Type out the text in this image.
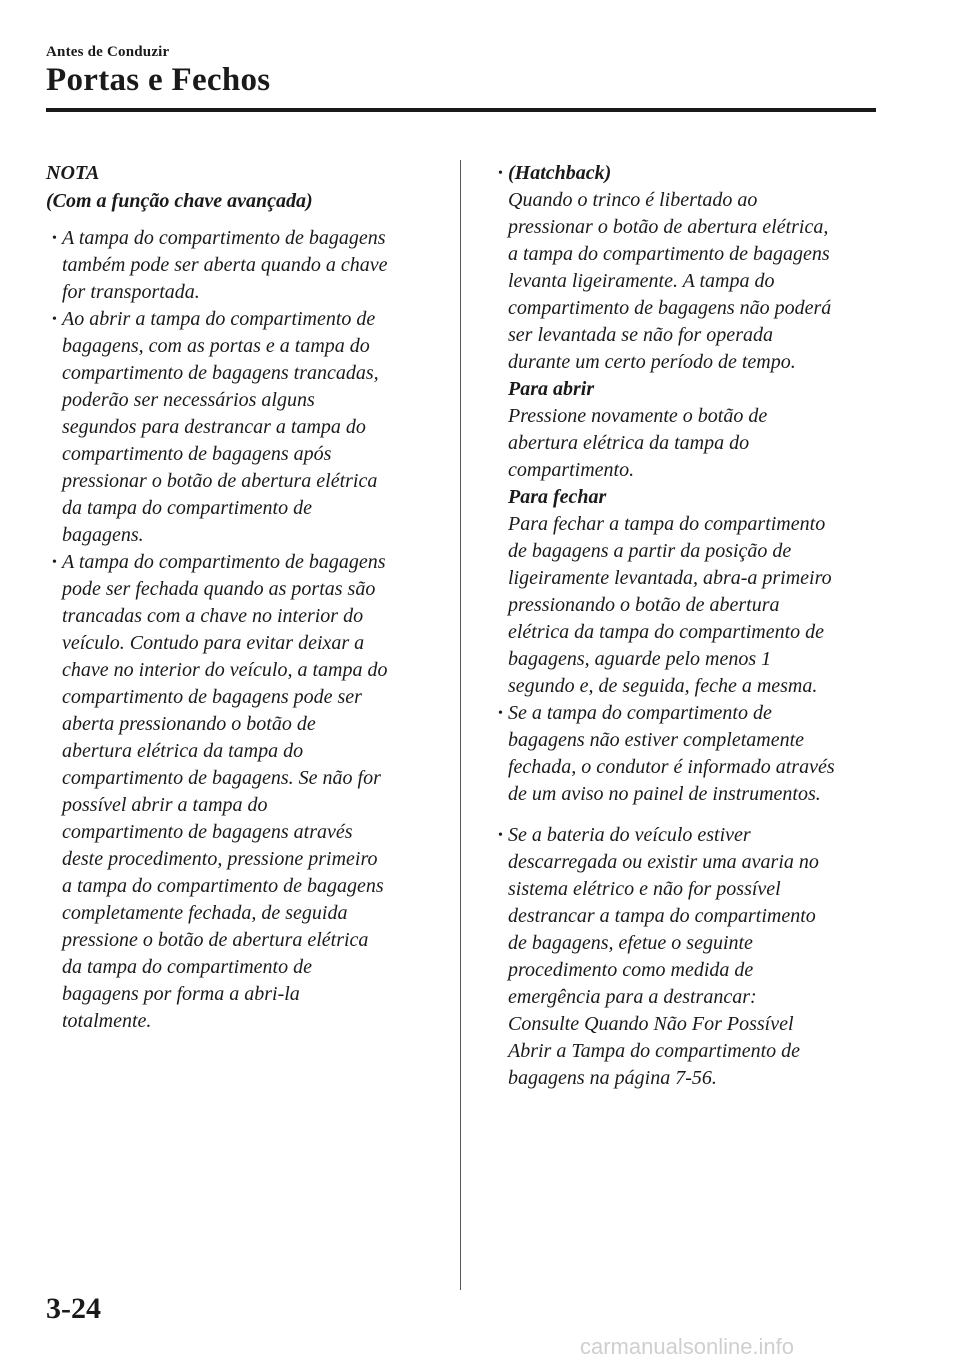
Antes de Conduzir
Portas e Fechos
NOTA
(Com a função chave avançada)
• A tampa do compartimento de bagagens

também pode ser aberta quando a chave

for transportada.

• Ao abrir a tampa do compartimento de

bagagens, com as portas e a tampa do

compartimento de bagagens trancadas,

poderão ser necessários alguns

segundos para destrancar a tampa do

compartimento de bagagens após

pressionar o botão de abertura elétrica

da tampa do compartimento de

bagagens.

• A tampa do compartimento de bagagens

pode ser fechada quando as portas são

trancadas com a chave no interior do

veículo. Contudo para evitar deixar a

chave no interior do veículo, a tampa do

compartimento de bagagens pode ser

aberta pressionando o botão de

abertura elétrica da tampa do

compartimento de bagagens. Se não for

possível abrir a tampa do

compartimento de bagagens através

deste procedimento, pressione primeiro

a tampa do compartimento de bagagens

completamente fechada, de seguida

pressione o botão de abertura elétrica

da tampa do compartimento de

bagagens por forma a abri-la

totalmente.

• (Hatchback)

Quando o trinco é libertado ao

pressionar o botão de abertura elétrica,

a tampa do compartimento de bagagens

levanta ligeiramente. A tampa do

compartimento de bagagens não poderá

ser levantada se não for operada

durante um certo período de tempo.

Para abrir

Pressione novamente o botão de

abertura elétrica da tampa do

compartimento.

Para fechar

Para fechar a tampa do compartimento

de bagagens a partir da posição de

ligeiramente levantada, abra-a primeiro

pressionando o botão de abertura

elétrica da tampa do compartimento de

bagagens, aguarde pelo menos 1

segundo e, de seguida, feche a mesma.

• Se a tampa do compartimento de

bagagens não estiver completamente

fechada, o condutor é informado através

de um aviso no painel de instrumentos.

• Se a bateria do veículo estiver

descarregada ou existir uma avaria no

sistema elétrico e não for possível

destrancar a tampa do compartimento

de bagagens, efetue o seguinte

procedimento como medida de

emergência para a destrancar:

Consulte Quando Não For Possível

Abrir a Tampa do compartimento de

bagagens na página 7-56.

3-24
carmanualsonline.info
